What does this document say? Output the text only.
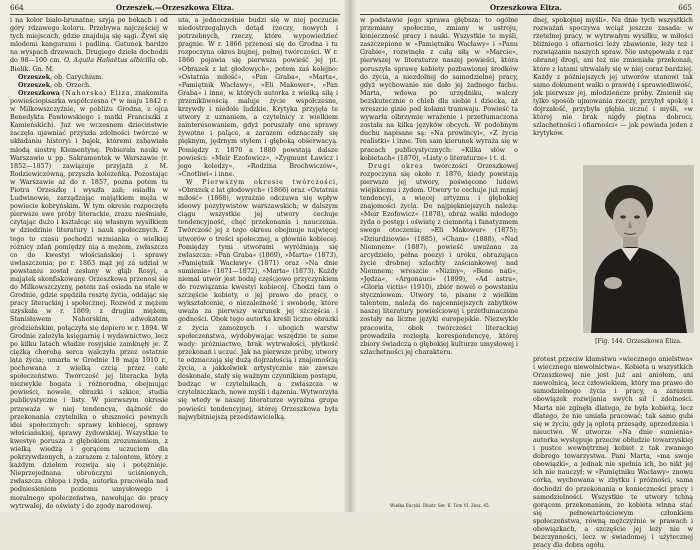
664	Orzeszek.—Orzeszkowa Eliza.

i na kolor biało-brunatne; szyja po bokach i od góry rdzawego koloru. Przebywa najczęściej w tych miejscach, gdzie znajdują się sągi. Żywi się mlodemi kangurami i padliną. Gatunek bardzo na wyspach drzewach. Drugiego dzieła dochodzi do 98—100 cm. O. Aquila Haliaëtus albicilla ob. Bielik. Gn. M.

Orzeszek, ob. Carychium.

Orzeszek, ob. Orzech.

Orzeszkowa (Nahorska) Eliza, znakomita powieściopisarka współczesna (* w maju 1842 r. w Milkowszczyźnie, w pobliżu Grodna, z ojca Benedykta Pawłowskiego i matki Franciszki z Kamieńskich). Już we wczesnem dzieciństwie zaczęła ujawniać przyszła zdolności twórcze w układaniu historyi i bajek, któremi zabawiała młodą siostrę Klementynę. Pobierała nauki w Warszawie u pp. Sakramentek w Warszawie (r. 1852—1857) zawiązuje przyjaźń z M. Rodziewiczówną, przyszła kolezeńką. Pozostając w Warszawie aż do r. 1857, pozna potem tu Piotra Orzeszkę i wyszła zań; osiadła w Ludwinowie, zarządzając majątkiem męża w powiecie kobryńskim. W tym okresie rozpoczęła pierwsze swe próby literackie, zrazu nieśmiałe, czytając dużo i kształcąc się własnym wysiłkiem w dziedzinie literatury i nauk społecznych. Z tego to czasu pochodzi wzmianka o wielkiej różnicy zdań pomiędzy nią a mężem, zwłaszcza co do kwestyi włościańskiej i sprawy uwłaszczenia; po r. 1863 mąż jej za udział w powstaniu został zesłany w głąb Rosyi, a majątek skonfiskowany. Orzeszkowa przenosi się do Milkowszczyzny, potem zaś osiada na stałe w Grodnie, gdzie spędziła resztę życia, oddając się pracy literackiej i społecznej. Rozwód z mężem uzyskała w r. 1869; z drugim mężem, Stanisławem Nahorskim, adwokatem grodzieńskim, połączyła się dopiero w r. 1894. W Grodnie założyła księgarnię i wydawnictwo, lecz po kilku latach władze rosyjskie zamknęły je. Z ciężką chorobą serca walczyła przez ostatnie lata życia; umarła w Grodnie 18 maja 1910 r., pochowana z wielką czcią przez całe społeczeństwo. Twórczość jej literacka była niezwykle bogata i różnorodna, obejmując powieści, nowele, obrazki i szkice, studia publicystyczne i listy. W pierwszym okresie przeważa w niej tendencya, dążność do przekonania czytelnika o słuszności pewnych idei społecznych: sprawy kobiecej, sprawy włościańskiej, sprawy żydowskiej. Wszystkie te kwestye porusza z głębokiem zrozumieniem, z wielką wiedzą i gorącem uczuciem dla pokrzywdzonych, a zarazem z talentem, który z każdym dziełem rozwija się i potężnieje. Nieprzejednana obrończyni uciśnionych, zwłaszcza chłopa i żyda, autorka pracowała nad podniesieniem poziomu umysłowego i moralnego społeczeństwa, nawołując do pracy wytrwałej, do oświaty i do zgody narodowej.

uta, a jednocześnie budzi się w niej poczucie niedostrzegalnych dotąd rzeczy, nowych i potrzebnych, rzeczy, które wypowiedzieć pragnie. W r. 1866 przenosi się do Grodna i tu rozpoczyna okres bujnej, pełnej twórczości. W r. 1866 pojawia się pierwsza powieść jej pt. »Obrazek z lat głodowych«, potem zaś kolejno: »Ostatnia miłość«, »Pan Graba«, »Marta«, »Pamiętnik Wacławy«, »Eli Makower«, »Pan Graba« i inne, w których autorka z wielką siłą i przenikliwością maluje życie współczesne, krzywdy i niedole ludzkie. Krytyka przyjęła te utwory z uznaniem, a czytelnicy z wielkiem zainteresowaniem, gdyż poruszały one sprawy żywotne i palące, a zarazem odznaczały się pięknym, jędrnym stylem i głęboką obserwacyą. Pomiędzy r. 1870 a 1880 powstają dalsze powieści: »Meir Ezofowicz«, »Zygmunt Ławicz i jego koledzy«, »Rodzina Brochwiczów«, »Cnotliwi« i inne.

W Pierwszym okresie twórczości, »Obrazek z lat głodowych« (1866) oraz »Ostatnia miłość« (1868), wyraźnie odczuwa się wpływ ideowy pozytywistów warszawskich; w dalszym ciągu wszystkie jej utwory cechuje tendencyjność, chęć przekonania i nauczenia. Twórczość jej z tego okresu obejmuje najwięcej utworów o treści społecznej, a głównie kobiecej. Pomiędzy tymi utworami wyróżniają się zwłaszcza: »Pan Graba« (1869), »Marta« (1873), »Pamiętnik Wacławy« (1871) oraz »Na dnie sumienia« (1871—1872), »Marta« (1873). Każdy niemal utwór jest bodaj częściowo przyczynkiem do rozwiązania kwestyi kobiecej. Chodzi tam o szczęście kobiety, o jej prawo do pracy, o wykształcenie, o niezależność i swobodę, które uważa za pierwszy warunek jej szczęścia i godności. Obok tego autorka kreśli liczne obrazki z życia zamożnych i ubogich warstw społeczeństwa, wydobywając wszędzie te same wady: próżniactwo, brak wytrwałości, płytkość przekonań i uczuć. Jak na pierwsze próby, utwory te odznaczają się dużą dojrzałością i znajomością życia, a jakkolwiek artystycznie nie zawsze doskonałe, stały się ważnym czynnikiem postępu, budząc w czytelnikach, a zwłaszcza w czytelniczkach, nowe myśli i dążenia. Wytworzyła się wtedy w naszej literaturze wyraźna grupa powieści tendencyjnej, której Orzeszkowa była najwybitniejszą przedstawicielką.

Orzeszkowa Eliza.	665

w podstawie jego sprawa głębsza: to ogólne przemiany społeczne, zmiany w ustroju, konieczność pracy i nauki. Wszystkie te myśli, zaszczepione w »Pamiętniku Wacławy« i »Panu Grabie«, rozwinęła z całą siłą w »Marcie«, pierwszej w literaturze naszej powieści, która poruszyła sprawę kobiety pozbawionej środków do życia, a niezdolnej do samodzielnej pracy, gdyż wychowanie nie dało jej żadnego fachu. Marta, wdowa po urzędniku, walczy bezskutecznie o chleb dla siebie i dziecka, aż wreszcie ginie pod kołami tramwaju. Powieść ta wywarła olbrzymie wrażenie i przetłumaczona została na kilka języków obcych. W podobnym duchu napisane są: »Na prowincyi«, »Z życia realistki« i inne. Ten sam kierunek wyraża się w pracach publicystycznych: »Kilka słów o kobietach« (1870), »Listy o literaturze« i t. d.

Drugi okres twórczości Orzeszkowej rozpoczyna się około r. 1876, kiedy powstają pierwsze jej utwory, poświęcone ludowi wiejskiemu i żydom. Utwory te cechuje już mniej tendencyi, a więcej artyzmu i głębokiej znajomości życia. Do najpiękniejszych należą: »Meir Ezofowicz« (1878), obraz walki młodego żyda o postęp i oświatę z ciemnotą i fanatyzmem swego otoczenia; »Eli Makower« (1875); »Dziurdziowie« (1885), »Cham« (1888), »Nad Niemnem« (1887), powieść uważana za arcydzieło, pełna poezyi i uroku, obrazująca życie drobnej szlachty zaściankowej nad Niemnem; wreszcie »Niziny«, »Bene nati«, »Jędza«, »Argonauci« (1899), »Ad astra«, »Gloria victis« (1910), zbiór nowel o powstaniu styczniowem. Utwory te, pisane z wielkim talentem, należą do najcenniejszych zabytków naszej literatury powieściowej i przetłumaczone zostały na liczne języki europejskie. Niezwykle pracowita, obok twórczości literackiej prowadziła rozległą korespondencyę, której zbiory świadczą o głębokiej kulturze umysłowej i szlachetności jej charakteru.

Wielka Encykl. Illustr. Ser. II. Tom VI. Zesz. 45.

dnej, spokojnej myśli«. Na dnie tych wszystkich rozważań spoczywa wciąż jeszcze zasada: w rzetelnej pracy, w wytrwałym wysiłku, w miłości bliźniego i ofiarności leży zbawienie, leży też i rozwiązanie naszych spraw. Nie ustępowała z raz obranej drogi, ani też nie zmieniała przekonań, które z latami utrwalały się w niej coraz bardziej. Każdy z późniejszych jej utworów stanowi tak samo dokument walki o prawdę i sprawiedliwość, jak pierwsze jej, młodzieńcze próby. Zmienił się tylko sposób ujmowania rzeczy, przybył spokój i dojrzałość, przybyła głębia uczuć i myśli, »w której nie brak nigdy piętna dobroci, szlachetności i ofiarności« — jak powiada jeden z krytyków.

protest przeciw kłamstwu »wiecznego anielstwa« i wiecznego niewolnictwa«. Kobieta u wszystkich Orzeszkowej nie jest już ani aniołem, ani niewolnicą, lecz człowiekiem, który ma prawo do samodzielnego życia i pracy, a zarazem obowiązek rozwijania swych sił i zdolności. Marta nie zginęła dlatego, że była kobietą, lecz dlatego, że nie umiała pracować; tak samo gubi się w życiu, gdy ją oplotą przesądy, uprzedzenia i nieuctwo. W utworze »Na dnie sumienia« autorka występuje przeciw obłudzie towarzyskiej i pustce wewnętrznej kobiet z tak zwanego dobrego towarzystwa. Pani Marta, »ma swoje obowiązki«, a jednak nie spełnia ich, bo nikt jej ich nie nauczył; w »Pamiętniku Wacławy« znowu córka, wychowana w zbytku i próżności, sama dochodzi do przekonania o konieczności pracy i samodzielności. Wszystkie te utwory tchną gorącem przekonaniem, że kobieta winna stać się pełnowartościowym członkiem społeczeństwa, równą mężczyźnie w prawach i obowiązkach, a szczęście jej leży nie w bezczynności, lecz w świadomej i użytecznej pracy dla dobra ogółu.

[Fig. 144. Orzeszkowa Eliza.
